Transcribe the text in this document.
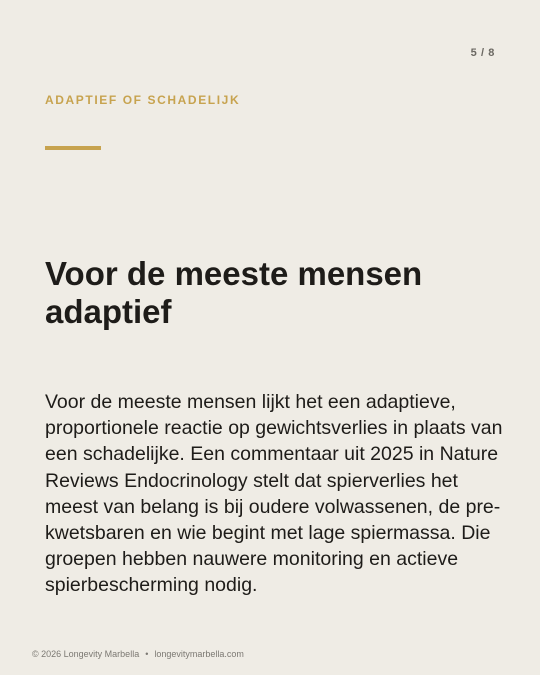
5 / 8
ADAPTIEF OF SCHADELIJK
Voor de meeste mensen adaptief

Voor de meeste mensen lijkt het een adaptieve, proportionele reactie op gewichtsverlies in plaats van een schadelijke. Een commentaar uit 2025 in Nature Reviews Endocrinology stelt dat spierverlies het meest van belang is bij oudere volwassenen, de pre-kwetsbaren en wie begint met lage spiermassa. Die groepen hebben nauwere monitoring en actieve spierbescherming nodig.

© 2026 Longevity Marbella • longevitymarbella.com
